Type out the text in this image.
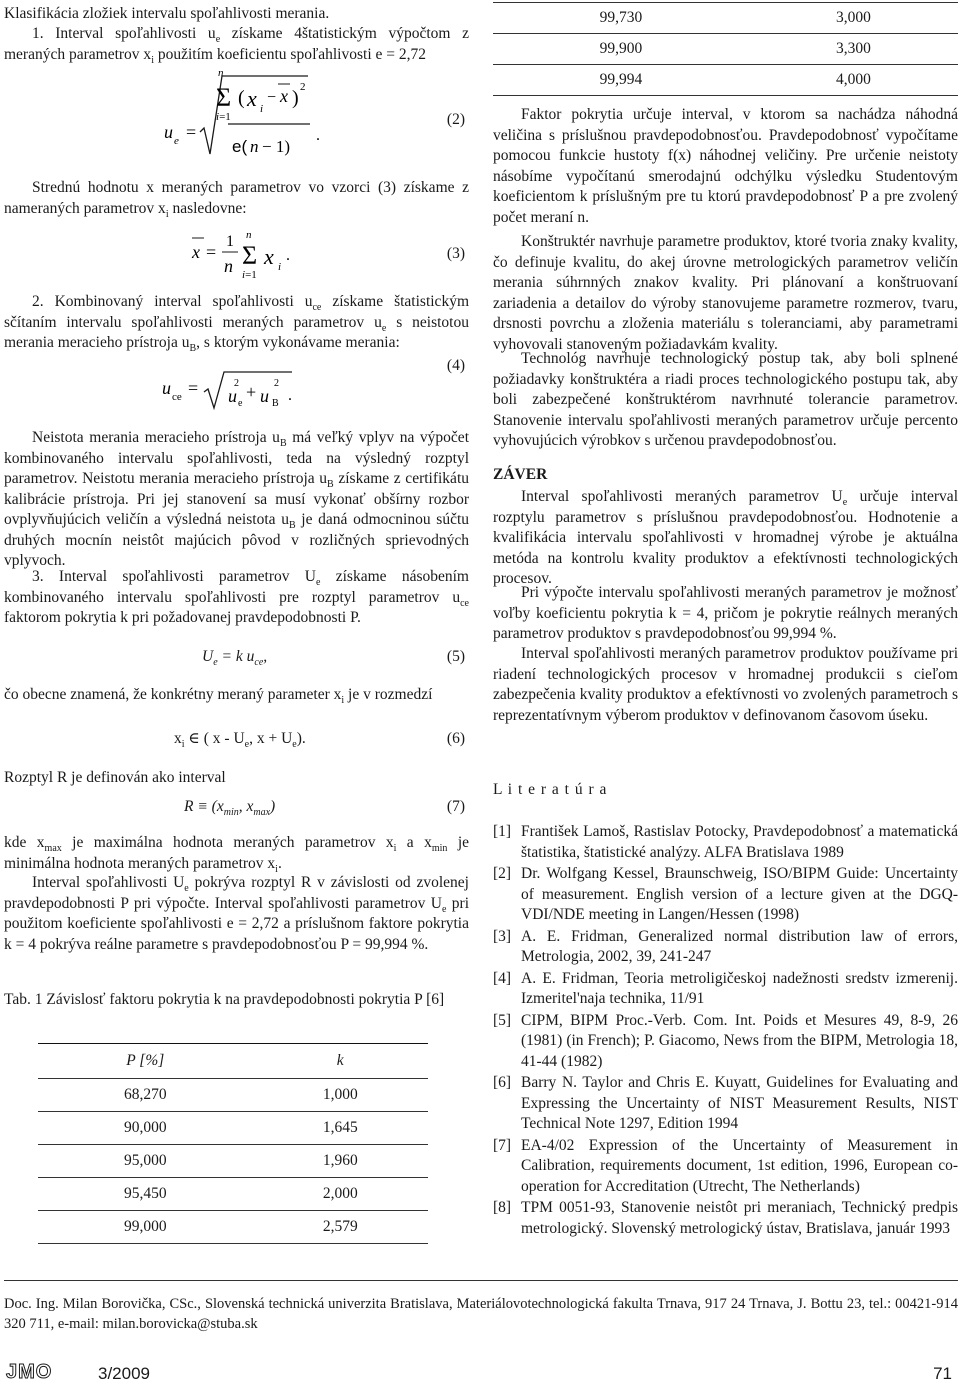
Klasifikácia zložiek intervalu spoľahlivosti merania.

1. Interval spoľahlivosti $u_e$ získame 4štatistickým výpočtom z meraných parametrov $x_i$ použitím koeficientu spoľahlivosti e = 2,72

u e =
n
Σ
i=1
( x i
− x ) 2
e( n − 1)
.
(2)

Strednú hodnotu x meraných parametrov vo vzorci (3) získame z nameraných parametrov $x_i$ nasledovne:

x =
1
n
n
Σ
i=1
x i
.	(3)

2. Kombinovaný interval spoľahlivosti $u_{ce}$ získame štatistickým sčítaním intervalu spoľahlivosti meraných parametrov $u_e$ s neistotou merania meracieho prístroja $u_B$, s ktorým vykonávame merania:

u ce =	2
u e
+ 2
u B .
(4)

Neistota merania meracieho prístroja $u_B$ má veľký vplyv na výpočet kombinovaného intervalu spoľahlivosti, teda na výsledný rozptyl parametrov. Neistotu merania meracieho prístroja $u_B$ získame z certifikátu kalibrácie prístroja. Pri jej stanovení sa musí vykonať obšírny rozbor ovplyvňujúcich veličín a výsledná neistota $u_B$ je daná odmocninou súčtu druhých mocnín neistôt majúcich pôvod v rozličných sprievodných vplyvoch.

3. Interval spoľahlivosti parametrov $U_e$ získame násobením kombinovaného intervalu spoľahlivosti pre rozptyl parametrov $u_{ce}$ faktorom pokrytia k pri požadovanej pravdepodobnosti P.

$U_e = k$ $u_{ce}$,	(5)

čo obecne znamená, že konkrétny meraný parameter $x_i$ je v rozmedzí

$x_i$ ∈ ( x - $U_e$, $x + U_e$).	(6)

Rozptyl R je definován ako interval

$R \equiv (x_{min}$, $x_{max}$)	(7)

kde $x_{max}$ je maximálna hodnota meraných parametrov $x_i$ a $x_{min}$ je minimálna hodnota meraných parametrov $x_i$.

Interval spoľahlivosti $U_e$ pokrýva rozptyl R v závislosti od zvolenej pravdepodobnosti P pri výpočte. Interval spoľahlivosti parametrov $U_e$ pri použitom koeficiente spoľahlivosti e = 2,72 a príslušnom faktore pokrytia k = 4 pokrýva reálne parametre s pravdepodobnosťou P = 99,994 %.

Tab. 1 Závislosť faktoru pokrytia k na pravdepodobnosti pokrytia P [6]

P [%]	k
68,270	1,000
90,000	1,645
95,000	1,960
95,450	2,000
99,000	2,579
99,730	3,000
99,900	3,300
99,994	4,000

Faktor pokrytia určuje interval, v ktorom sa nachádza náhodná veličina s príslušnou pravdepodobnosťou. Pravdepodobnosť vypočítame pomocou funkcie hustoty f(x) náhodnej veličiny. Pre určenie neistoty násobíme vypočítanú smerodajnú odchýlku výsledku Studentovým koeficientom k príslušným pre tu ktorú pravdepodobnosť P a pre zvolený počet meraní n.

Konštruktér navrhuje parametre produktov, ktoré tvoria znaky kvality, čo definuje kvalitu, do akej úrovne metrologických parametrov veličín merania súhrnných znakov kvality. Pri plánovaní a konštruovaní zariadenia a detailov do výroby stanovujeme parametre rozmerov, tvaru, drsnosti povrchu a zloženia materiálu s toleranciami, aby parametrami vyhovovali stanoveným požiadavkám kvality.

Technológ navrhuje technologický postup tak, aby boli splnené požiadavky konštruktéra a riadi proces technologického postupu tak, aby boli zabezpečené konštruktérom navrhnuté tolerancie parametrov. Stanovenie intervalu spoľahlivosti meraných parametrov určuje percento vyhovujúcich výrobkov s určenou pravdepodobnosťou.

ZÁVER

Interval spoľahlivosti meraných parametrov $U_e$ určuje interval rozptylu parametrov s príslušnou pravdepodobnosťou. Hodnotenie a kvalifikácia intervalu spoľahlivosti v hromadnej výrobe je aktuálna metóda na kontrolu kvality produktov a efektívnosti technologických procesov.

Pri výpočte intervalu spoľahlivosti meraných parametrov je možnosť voľby koeficientu pokrytia k = 4, pričom je pokrytie reálnych meraných parametrov produktov s pravdepodobnosťou 99,994 %.

Interval spoľahlivosti meraných parametrov produktov používame pri riadení technologických procesov v hromadnej produkcii s cieľom zabezpečenia kvality produktov a efektívnosti vo zvolených parametroch s reprezentatívnym výberom produktov v definovanom časovom úseku.

L i t e r a t ú r a
[1] František Lamoš, Rastislav Potocky, Pravdepodobnosť a matematická štatistika, štatistické analýzy. ALFA Bratislava 1989
[2] Dr. Wolfgang Kessel, Braunschweig, ISO/BIPM Guide: Uncertainty of measurement. English version of a lecture given at the DGQ-VDI/NDE meeting in Langen/Hessen (1998)
[3] A. E. Fridman, Generalized normal distribution law of errors, Metrologia, 2002, 39, 241-247
[4] A. E. Fridman, Teoria metroligičeskoj nadežnosti sredstv izmerenij. Izmeritel'naja technika, 11/91
[5] CIPM, BIPM Proc.-Verb. Com. Int. Poids et Mesures 49, 8-9, 26 (1981) (in French); P. Giacomo, News from the BIPM, Metrologia 18, 41-44 (1982)
[6] Barry N. Taylor and Chris E. Kuyatt, Guidelines for Evaluating and Expressing the Uncertainty of NIST Measurement Results, NIST Technical Note 1297, Edition 1994
[7] EA-4/02 Expression of the Uncertainty of Measurement in Calibration, requirements document, 1st edition, 1996, European co-operation for Accreditation (Utrecht, The Netherlands)
[8] TPM 0051-93, Stanovenie neistôt pri meraniach, Technický predpis metrologický. Slovenský metrologický ústav, Bratislava, január 1993

Doc. Ing. Milan Borovička, CSc., Slovenská technická univerzita Bratislava, Materiálovotechnologická fakulta Trnava, 917 24 Trnava, J. Bottu 23, tel.: 00421-914 320 711, e-mail: milan.borovicka@stuba.sk

JMO	3/2009	71
